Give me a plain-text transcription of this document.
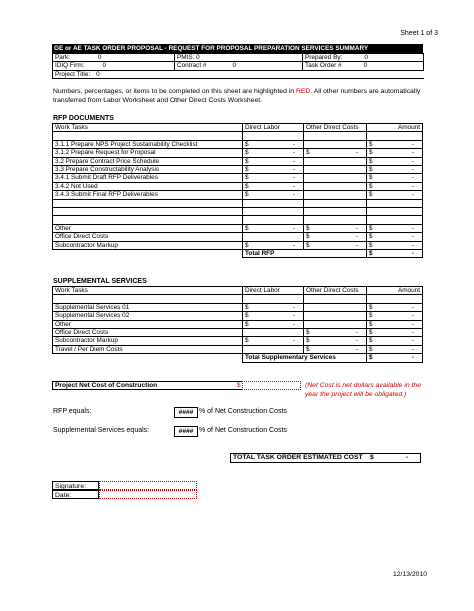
Sheet 1 of 3
GE or AE TASK ORDER PROPOSAL - REQUEST FOR PROPOSAL PREPARATION SERVICES SUMMARY
Park: 0	PMIS: 0	Prepared By: 0

IDIQ Firm: 0	Contract # 0	Task Order # 0

Project Title: 0		
Numbers, percentages, or items to be completed on this sheet are highlighted in RED. All other numbers are automatically transferred from Labor Worksheet and Other Direct Costs Worksheet.
RFP DOCUMENTS
Work Tasks	Direct Labor	Other Direct Costs	Amount

3.1.1 Prepare NPS Project Sustainability Checklist	$ -		$ -

3.1.2 Prepare Request for Proposal	$ -	$ -	$ -

3.2 Prepare Contract Price Schedule	$ -		$ -

3.3 Prepare Constructability Analysis	$ -		$ -

3.4.1 Submit Draft RFP Deliverables	$ -		$ -

3.4.2 Not Used	$ -		$ -

3.4.3 Submit Final RFP Deliverables	$ -		$ -

Other	$ -	$ -	$ -

Office Direct Costs		$ -	$ -

Subcontractor Markup	$ -	$ -	$ -

	Total RFP		$ -
SUPPLEMENTAL SERVICES
Work Tasks	Direct Labor	Other Direct Costs	Amount

Supplemental Services 01	$ -		$ -

Supplemental Services 02	$ -		$ -

Other	$ -		$ -

Office Direct Costs		$ -	$ -

Subcontractor Markup	$ -	$ -	$ -

Travel / Per Diem Costs		$ -	$ -

	Total Supplementary Services		$ -
Project Net Cost of Construction	$	(Net Cost is net dollars available in the year the project will be obligated.)
RFP equals:	#### % of Net Construction Costs
Supplemental Services equals:	#### % of Net Construction Costs
TOTAL TASK ORDER ESTIMATED COST $	-
Signature:
Date:
12/13/2010
